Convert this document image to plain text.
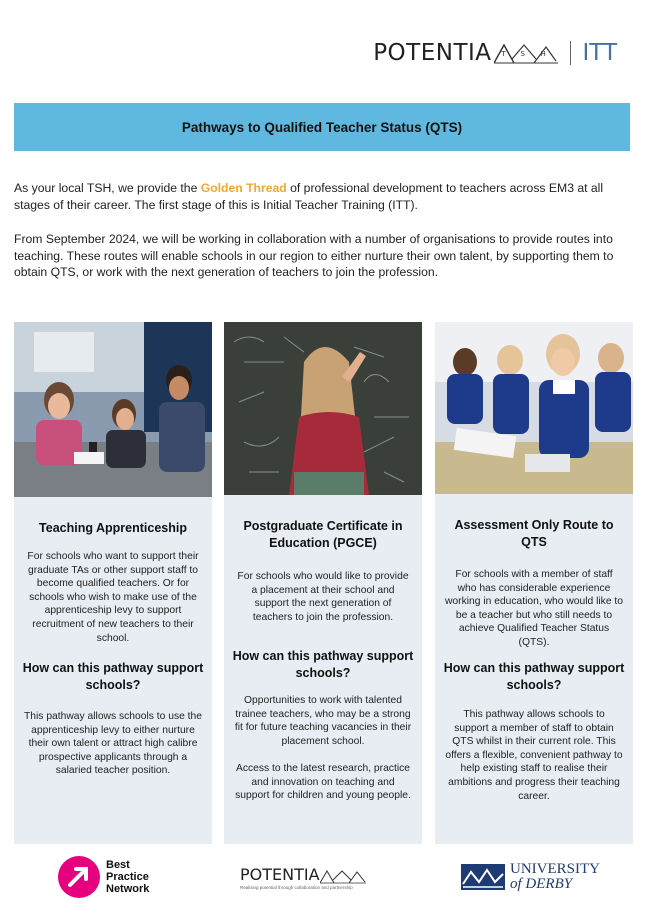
POTENTIA T S H ITT
Pathways to Qualified Teacher Status (QTS)
As your local TSH, we provide the Golden Thread of professional development to teachers across EM3 at all stages of their career. The first stage of this is Initial Teacher Training (ITT).
From September 2024, we will be working in collaboration with a number of organisations to provide routes into teaching. These routes will enable schools in our region to either nurture their own talent, by supporting them to obtain QTS, or work with the next generation of teachers to join the profession.
Teaching Apprenticeship
For schools who want to support their graduate TAs or other support staff to become qualified teachers. Or for schools who wish to make use of the apprenticeship levy to support recruitment of new teachers to their school.
How can this pathway support schools?
This pathway allows schools to use the apprenticeship levy to either nurture their own talent or attract high calibre prospective applicants through a salaried teacher position.
Postgraduate Certificate in Education (PGCE)
For schools who would like to provide a placement at their school and support the next generation of teachers to join the profession.
How can this pathway support schools?
Opportunities to work with talented trainee teachers, who may be a strong fit for future teaching vacancies in their placement school.
Access to the latest research, practice and innovation on teaching and support for children and young people.
Assessment Only Route to QTS
For schools with a member of staff who has considerable experience working in education, who would like to be a teacher but who still needs to achieve Qualified Teacher Status (QTS).
How can this pathway support schools?
This pathway allows schools to support a member of staff to obtain QTS whilst in their current role. This offers a flexible, convenient pathway to help existing staff to realise their ambitions and progress their teaching career.
Best
Practice
Network
POTENTIA
Realising potential through collaboration and partnership
UNIVERSITY
of DERBY
